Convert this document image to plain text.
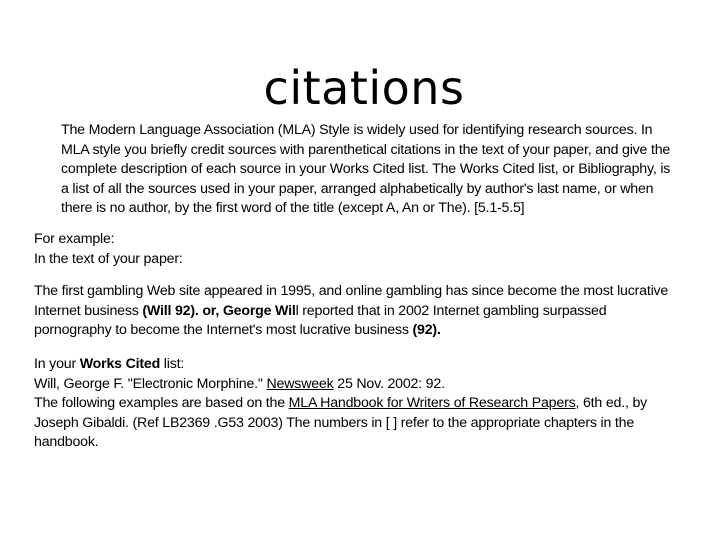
citations
The Modern Language Association (MLA) Style is widely used for identifying research sources. In
MLA style you briefly credit sources with parenthetical citations in the text of your paper, and give the
complete description of each source in your Works Cited list. The Works Cited list, or Bibliography, is
a list of all the sources used in your paper, arranged alphabetically by author's last name, or when
there is no author, by the first word of the title (except A, An or The). [5.1-5.5]
For example:
In the text of your paper:
The first gambling Web site appeared in 1995, and online gambling has since become the most lucrative
Internet business (Will 92). or, George Will reported that in 2002 Internet gambling surpassed
pornography to become the Internet's most lucrative business (92).
In your Works Cited list:
Will, George F. "Electronic Morphine." Newsweek 25 Nov. 2002: 92.
The following examples are based on the MLA Handbook for Writers of Research Papers, 6th ed., by
Joseph Gibaldi. (Ref LB2369 .G53 2003) The numbers in [ ] refer to the appropriate chapters in the
handbook.
